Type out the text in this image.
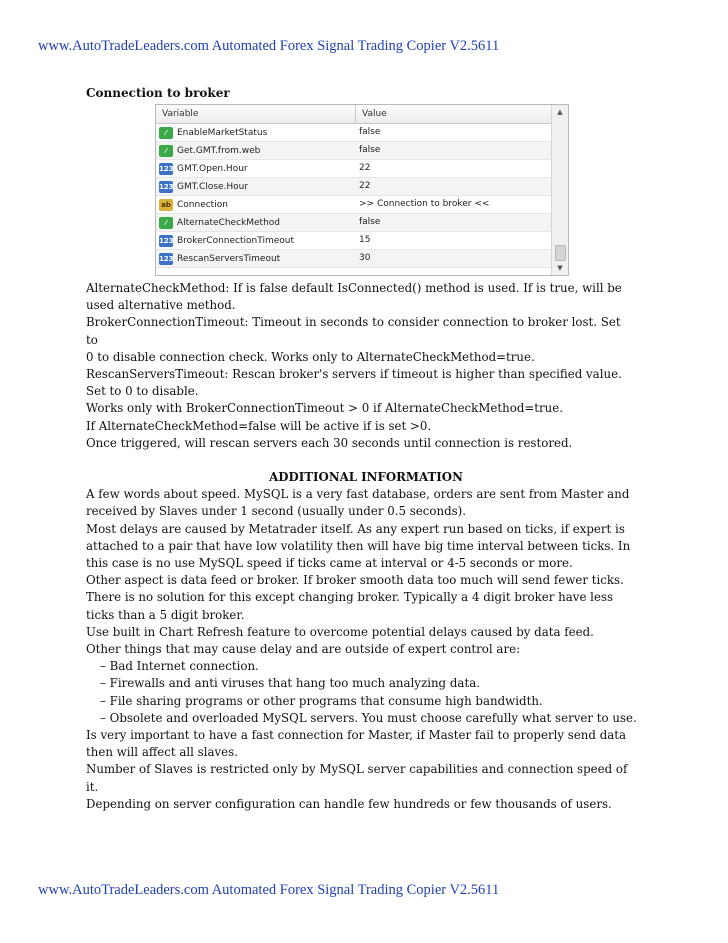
www.AutoTradeLeaders.com Automated Forex Signal Trading Copier V2.5611
Connection to broker
Variable	Value
⁄	EnableMarketStatus	false
⁄	Get.GMT.from.web	false
123 GMT.Open.Hour	22
123 GMT.Close.Hour	22
ab Connection	>> Connection to broker <<
⁄	AlternateCheckMethod	false
123 BrokerConnectionTimeout	15
123 RescanServersTimeout	30
▲
▼
AlternateCheckMethod: If is false default IsConnected() method is used. If is true, will be
used alternative method.
BrokerConnectionTimeout: Timeout in seconds to consider connection to broker lost. Set
to
0 to disable connection check. Works only to AlternateCheckMethod=true.
RescanServersTimeout: Rescan broker's servers if timeout is higher than specified value.
Set to 0 to disable.
Works only with BrokerConnectionTimeout > 0 if AlternateCheckMethod=true.
If AlternateCheckMethod=false will be active if is set >0.
Once triggered, will rescan servers each 30 seconds until connection is restored.
ADDITIONAL INFORMATION
A few words about speed. MySQL is a very fast database, orders are sent from Master and
received by Slaves under 1 second (usually under 0.5 seconds).
Most delays are caused by Metatrader itself. As any expert run based on ticks, if expert is
attached to a pair that have low volatility then will have big time interval between ticks. In
this case is no use MySQL speed if ticks came at interval or 4-5 seconds or more.
Other aspect is data feed or broker. If broker smooth data too much will send fewer ticks.
There is no solution for this except changing broker. Typically a 4 digit broker have less
ticks than a 5 digit broker.
Use built in Chart Refresh feature to overcome potential delays caused by data feed.
Other things that may cause delay and are outside of expert control are:
– Bad Internet connection.
– Firewalls and anti viruses that hang too much analyzing data.
– File sharing programs or other programs that consume high bandwidth.
– Obsolete and overloaded MySQL servers. You must choose carefully what server to use.
Is very important to have a fast connection for Master, if Master fail to properly send data
then will affect all slaves.
Number of Slaves is restricted only by MySQL server capabilities and connection speed of
it.
Depending on server configuration can handle few hundreds or few thousands of users.
www.AutoTradeLeaders.com Automated Forex Signal Trading Copier V2.5611
